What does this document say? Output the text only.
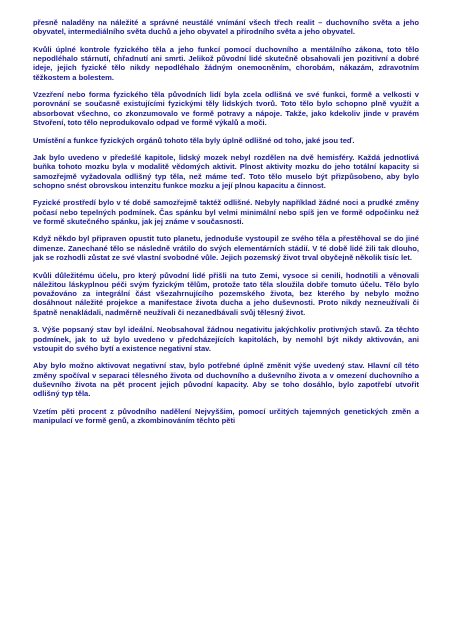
přesně naladěny na náležité a správné neustálé vnímání všech třech realit – duchovního světa a jeho obyvatel, intermediálního světa duchů a jeho obyvatel a přírodního světa a jeho obyvatel.

Kvůli úplné kontrole fyzického těla a jeho funkcí pomocí duchovního a mentálního zákona, toto tělo nepodléhalo stárnutí, chřadnutí ani smrti. Jelikož původní lidé skutečně obsahovali jen pozitivní a dobré ideje, jejich fyzické tělo nikdy nepodléhalo žádným onemocněním, chorobám, nákazám, zdravotním těžkostem a bolestem.

Vzezření nebo forma fyzického těla původních lidí byla zcela odlišná ve své funkci, formě a velkosti v porovnání se současně existujícími fyzickými těly lidských tvorů. Toto tělo bylo schopno plně využít a absorbovat všechno, co zkonzumovalo ve formě potravy a nápoje. Takže, jako kdekoliv jinde v pravém Stvoření, toto tělo neprodukovalo odpad ve formě výkalů a moči.

Umístění a funkce fyzických orgánů tohoto těla byly úplně odlišné od toho, jaké jsou teď.

Jak bylo uvedeno v předešlé kapitole, lidský mozek nebyl rozdělen na dvě hemisféry. Každá jednotlivá buňka tohoto mozku byla v modalitě vědomých aktivit. Plnost aktivity mozku do jeho totální kapacity si samozřejmě vyžadovala odlišný typ těla, než máme teď. Toto tělo muselo být přizpůsobeno, aby bylo schopno snést obrovskou intenzitu funkce mozku a její plnou kapacitu a činnost.

Fyzické prostředí bylo v té době samozřejmě taktéž odlišné. Nebyly například žádné noci a prudké změny počasí nebo tepelných podmínek. Čas spánku byl velmi minimální nebo spíš jen ve formě odpočinku než ve formě skutečného spánku, jak jej známe v současnosti.

Když někdo byl připraven opustit tuto planetu, jednoduše vystoupil ze svého těla a přestěhoval se do jiné dimenze. Zanechané tělo se následně vrátilo do svých elementárních stádií. V té době lidé žili tak dlouho, jak se rozhodli zůstat ze své vlastní svobodné vůle. Jejich pozemský život trval obyčejně několik tisíc let.

Kvůli důležitému účelu, pro který původní lidé přišli na tuto Zemi, vysoce si cenili, hodnotili a věnovali náležitou láskyplnou péči svým fyzickým tělům, protože tato těla sloužila dobře tomuto účelu. Tělo bylo považováno za integrální část všezahrnujícího pozemského života, bez kterého by nebylo možno dosáhnout náležité projekce a manifestace života ducha a jeho duševnosti. Proto nikdy nezneužívali či špatně nenakládali, nadměrně neužívali či nezanedbávali svůj tělesný život.

3. Výše popsaný stav byl ideální. Neobsahoval žádnou negativitu jakýchkoliv protivných stavů. Za těchto podmínek, jak to už bylo uvedeno v předcházejících kapitolách, by nemohl být nikdy aktivován, ani vstoupit do svého bytí a existence negativní stav.

Aby bylo možno aktivovat negativní stav, bylo potřebné úplně změnit výše uvedený stav. Hlavní cíl této změny spočíval v separaci tělesného života od duchovního a duševního života a v omezení duchovního a duševního života na pět procent jejich původní kapacity. Aby se toho dosáhlo, bylo zapotřebí utvořit odlišný typ těla.

Vzetím pěti procent z původního nadělení Nejvyššim, pomocí určitých tajemných genetických změn a manipulací ve formě genů, a zkombinováním těchto pěti
